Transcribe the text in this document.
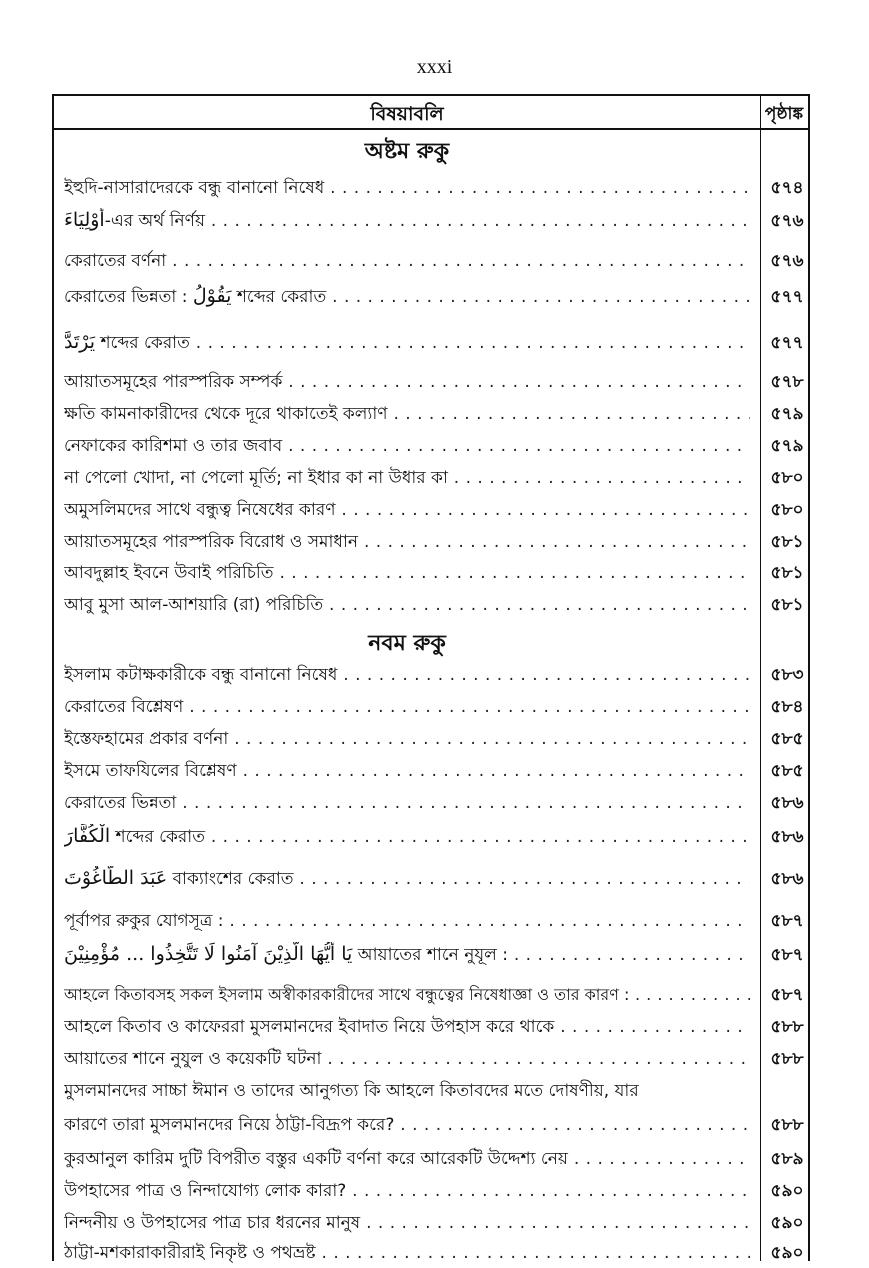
xxxi
বিষয়াবলি	পৃষ্ঠাঙ্ক
অষ্টম রুকু
ইহুদি-নাসারাদেরকে বন্ধু বানানো নিষেধ . . .	৫৭৪
أَوْلِيَاءَ-এর অর্থ নির্ণয় . . .	৫৭৬
কেরাতের বর্ণনা . . .	৫৭৬
কেরাতের ভিন্নতা : يَقُوْلُ শব্দের কেরাত . . .	৫৭৭
يَرْتَدَّ শব্দের কেরাত . . .	৫৭৭
আয়াতসমূহের পারস্পরিক সম্পর্ক . . .	৫৭৮
ক্ষতি কামনাকারীদের থেকে দূরে থাকাতেই কল্যাণ . . .	৫৭৯
নেফাকের কারিশমা ও তার জবাব . . .	৫৭৯
না পেলো খোদা, না পেলো মূর্তি; না ইধার কা না উধার কা . . .	৫৮০
অমুসলিমদের সাথে বন্ধুত্ব নিষেধের কারণ . . .	৫৮০
আয়াতসমূহের পারস্পরিক বিরোধ ও সমাধান . . .	৫৮১
আবদুল্লাহ ইবনে উবাই পরিচিতি . . .	৫৮১
আবু মুসা আল-আশয়ারি (রা) পরিচিতি . . .	৫৮১
নবম রুকু
ইসলাম কটাক্ষকারীকে বন্ধু বানানো নিষেধ . . .	৫৮৩
কেরাতের বিশ্লেষণ . . .	৫৮৪
ইস্তেফহামের প্রকার বর্ণনা . . .	৫৮৫
ইসমে তাফযিলের বিশ্লেষণ . . .	৫৮৫
কেরাতের ভিন্নতা . . .	৫৮৬
الْكُفَّارَ শব্দের কেরাত . . .	৫৮৬
عَبَدَ الطَّاغُوْتَ বাক্যাংশের কেরাত . . .	৫৮৬
পূর্বাপর রুকুর যোগসূত্র : . . .	৫৮৭
يَا أَيُّهَا الَّذِيْنَ آمَنُوا لَا تَتَّخِذُوا ... مُؤْمِنِيْنَ আয়াতের শানে নুযূল : . . .	৫৮৭
আহলে কিতাবসহ সকল ইসলাম অস্বীকারকারীদের সাথে বন্ধুত্বের নিষেধাজ্ঞা ও তার কারণ : . . .	৫৮৭
আহলে কিতাব ও কাফেররা মুসলমানদের ইবাদাত নিয়ে উপহাস করে থাকে . . .	৫৮৮
আয়াতের শানে নুযুল ও কয়েকটি ঘটনা . . .	৫৮৮
মুসলমানদের সাচ্চা ঈমান ও তাদের আনুগত্য কি আহলে কিতাবদের মতে দোষণীয়, যার
কারণে তারা মুসলমানদের নিয়ে ঠাট্টা-বিদ্রূপ করে? . . .	৫৮৮
কুরআনুল কারিম দুটি বিপরীত বস্তুর একটি বর্ণনা করে আরেকটি উদ্দেশ্য নেয় . . .	৫৮৯
উপহাসের পাত্র ও নিন্দাযোগ্য লোক কারা? . . .	৫৯০
নিন্দনীয় ও উপহাসের পাত্র চার ধরনের মানুষ . . .	৫৯০
ঠাট্টা-মশকারাকারীরাই নিকৃষ্ট ও পথভ্রষ্ট . . .	৫৯০
